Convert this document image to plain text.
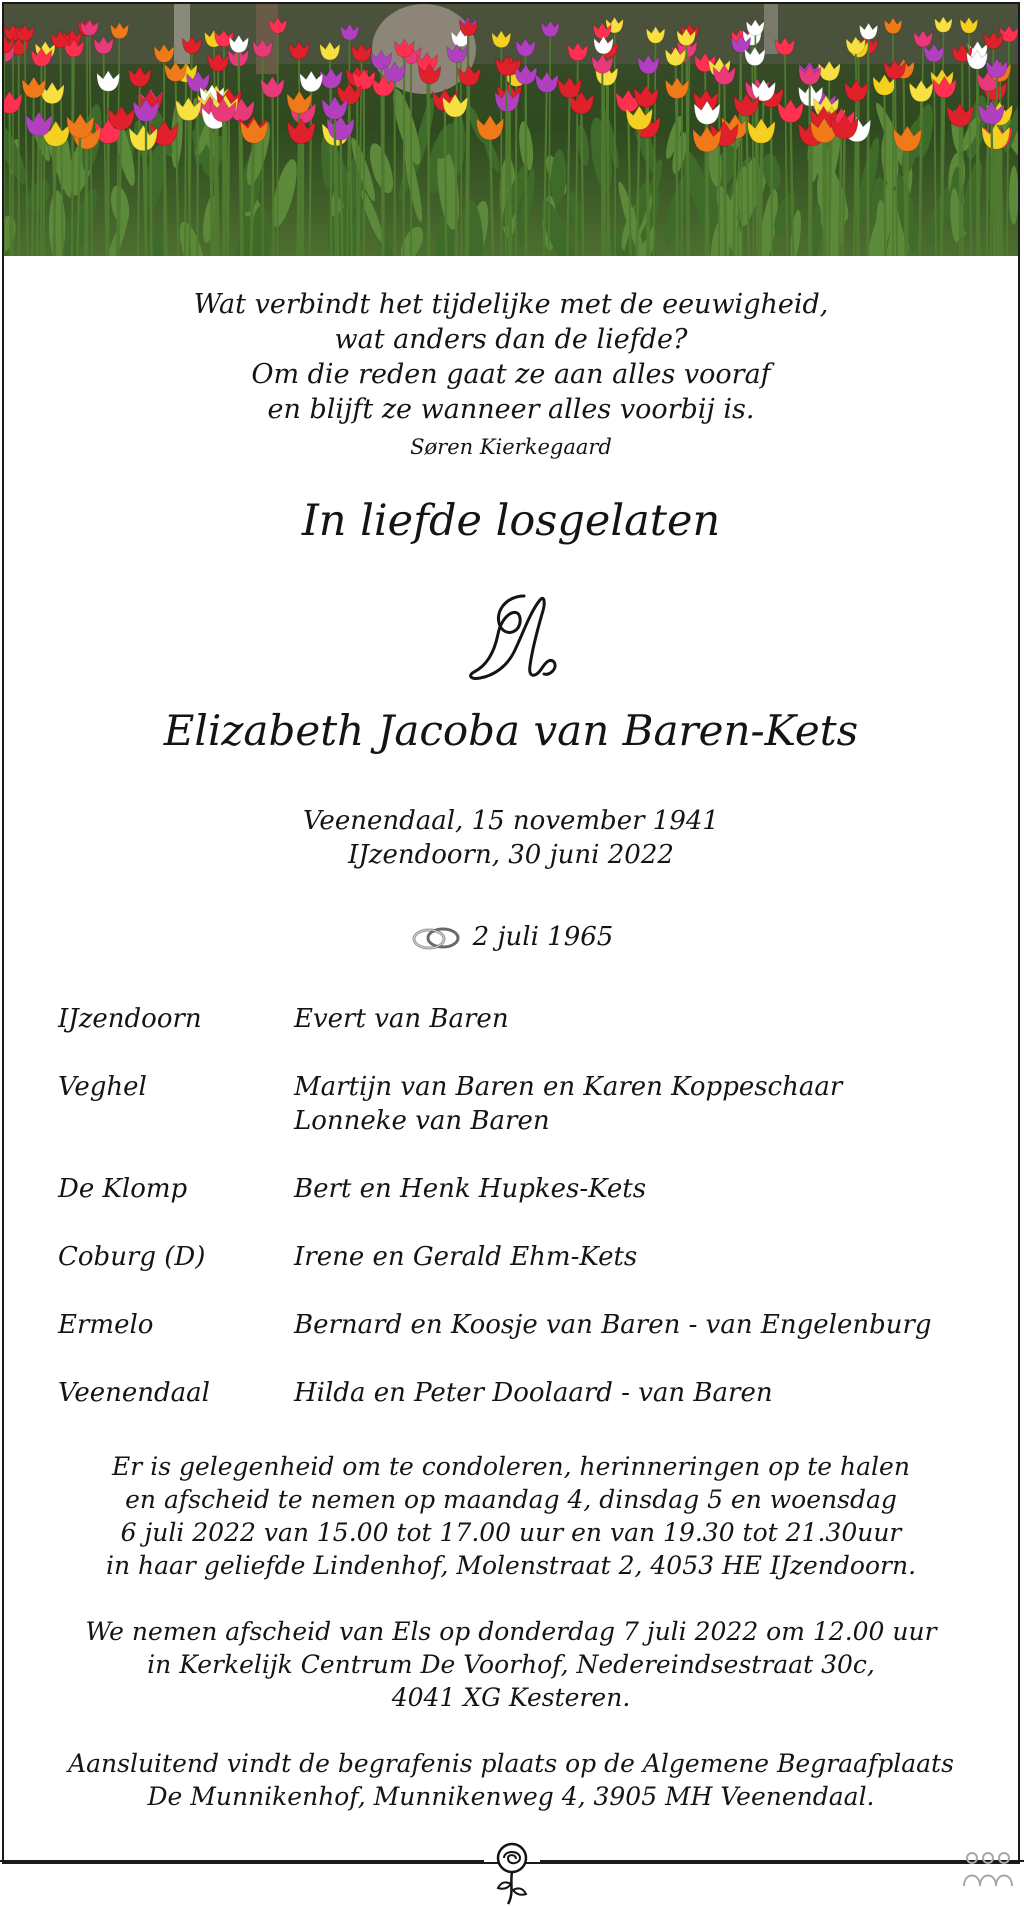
Wat verbindt het tijdelijke met de eeuwigheid,
wat anders dan de liefde?
Om die reden gaat ze aan alles vooraf
en blijft ze wanneer alles voorbij is.
Søren Kierkegaard
In liefde losgelaten
Elizabeth Jacoba van Baren-Kets
Veenendaal, 15 november 1941
IJzendoorn, 30 juni 2022
2 juli 1965
IJzendoorn	Evert van Baren
Veghel	Martijn van Baren en Karen Koppeschaar
Lonneke van Baren
De Klomp	Bert en Henk Hupkes-Kets
Coburg (D)	Irene en Gerald Ehm-Kets
Ermelo	Bernard en Koosje van Baren - van Engelenburg
Veenendaal	Hilda en Peter Doolaard - van Baren

Er is gelegenheid om te condoleren, herinneringen op te halen
en afscheid te nemen op maandag 4, dinsdag 5 en woensdag
6 juli 2022 van 15.00 tot 17.00 uur en van 19.30 tot 21.30uur
in haar geliefde Lindenhof, Molenstraat 2, 4053 HE IJzendoorn.

We nemen afscheid van Els op donderdag 7 juli 2022 om 12.00 uur
in Kerkelijk Centrum De Voorhof, Nedereindsestraat 30c,
4041 XG Kesteren.

Aansluitend vindt de begrafenis plaats op de Algemene Begraafplaats
De Munnikenhof, Munnikenweg 4, 3905 MH Veenendaal.
